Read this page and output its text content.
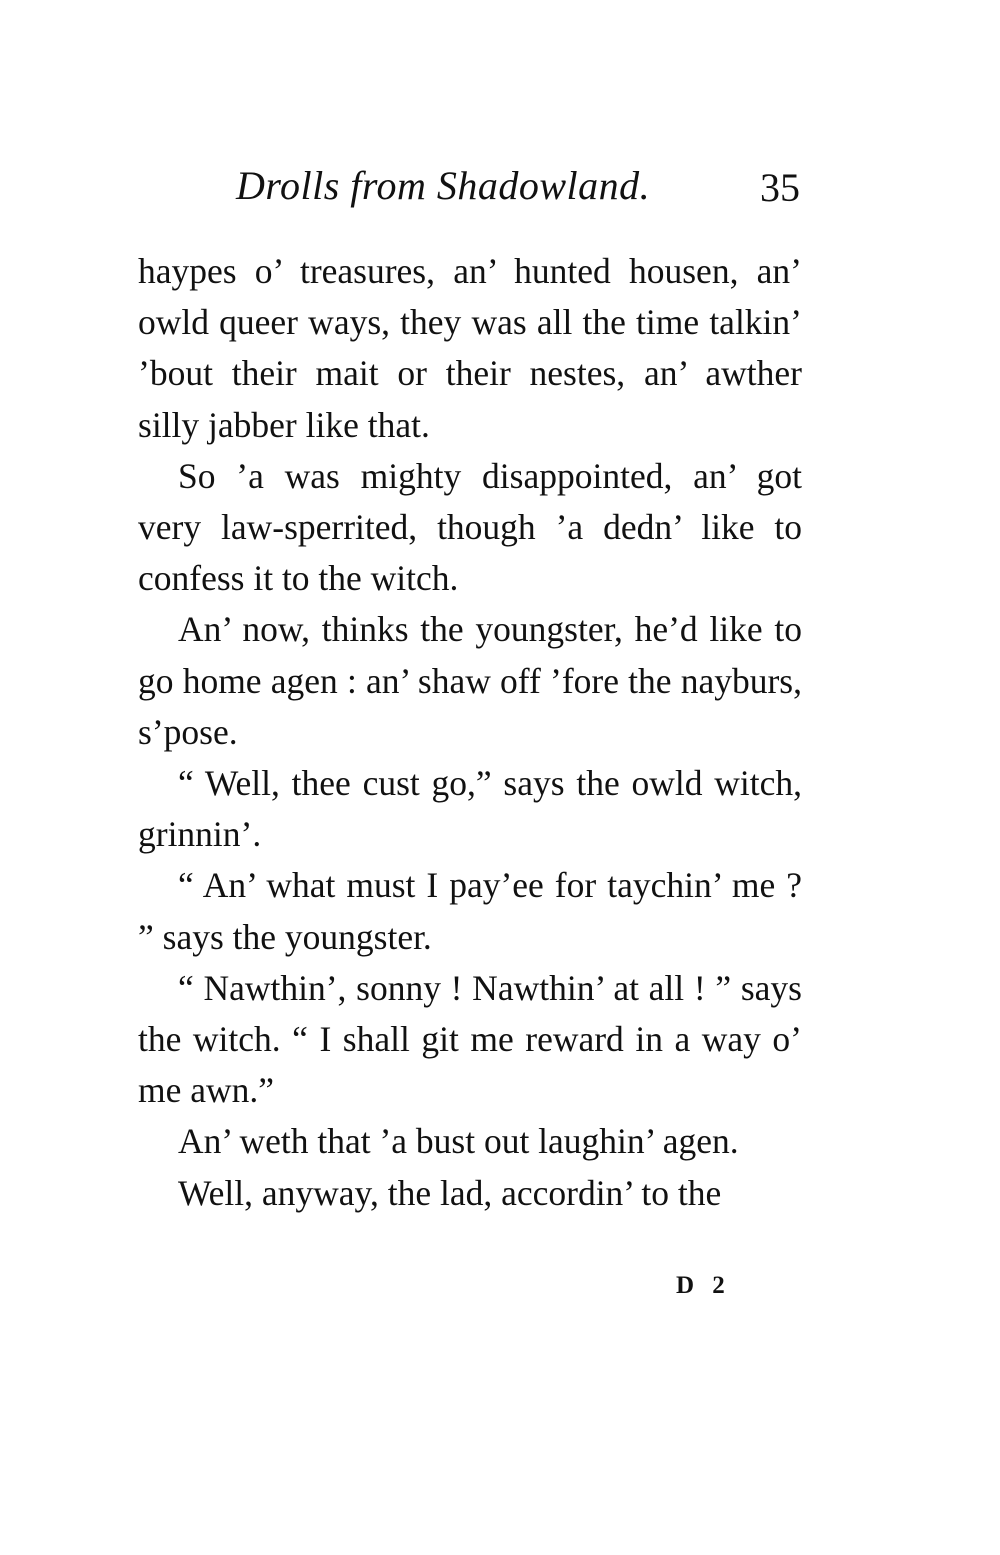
Drolls from Shadowland.	35

haypes o’ treasures, an’ hunted housen, an’ owld queer ways, they was all the time talkin’ ’bout their mait or their nestes, an’ awther silly jabber like that.

So ’a was mighty disappointed, an’ got very law-sperrited, though ’a dedn’ like to confess it to the witch.

An’ now, thinks the youngster, he’d like to go home agen : an’ shaw off ’fore the nayburs, s’pose.

“ Well, thee cust go,” says the owld witch, grinnin’.

“ An’ what must I pay’ee for taychin’ me ? ” says the youngster.

“ Nawthin’, sonny ! Nawthin’ at all ! ” says the witch. “ I shall git me reward in a way o’ me awn.”

An’ weth that ’a bust out laughin’ agen.

Well, anyway, the lad, accordin’ to the

D 2
